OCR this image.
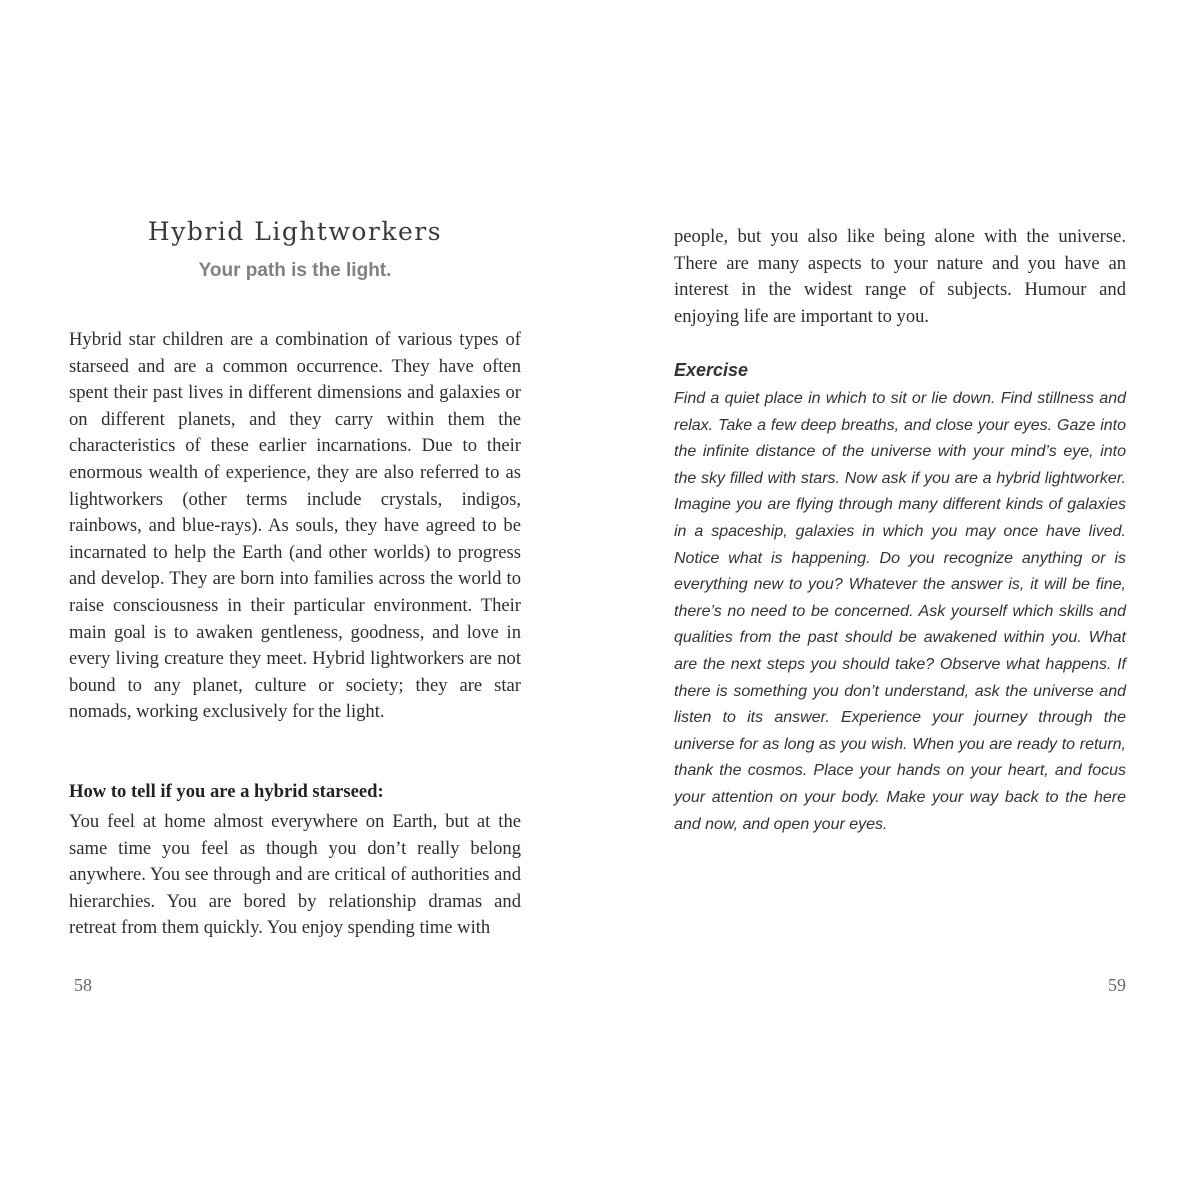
Hybrid Lightworkers

Your path is the light.

Hybrid star children are a combination of various types of starseed and are a common occurrence. They have often spent their past lives in different dimensions and galaxies or on different planets, and they carry within them the characteristics of these earlier incarnations. Due to their enormous wealth of experience, they are also referred to as lightworkers (other terms include crystals, indigos, rainbows, and blue-rays). As souls, they have agreed to be incarnated to help the Earth (and other worlds) to progress and develop. They are born into families across the world to raise consciousness in their particular environment. Their main goal is to awaken gentleness, goodness, and love in every living creature they meet. Hybrid lightworkers are not bound to any planet, culture or society; they are star nomads, working exclusively for the light.

How to tell if you are a hybrid starseed:

You feel at home almost everywhere on Earth, but at the same time you feel as though you don’t really belong anywhere. You see through and are critical of authorities and hierarchies. You are bored by relationship dramas and retreat from them quickly. You enjoy spending time with

58

people, but you also like being alone with the universe. There are many aspects to your nature and you have an interest in the widest range of subjects. Humour and enjoying life are important to you.

Exercise

Find a quiet place in which to sit or lie down. Find stillness and relax. Take a few deep breaths, and close your eyes. Gaze into the infinite distance of the universe with your mind’s eye, into the sky filled with stars. Now ask if you are a hybrid lightworker. Imagine you are flying through many different kinds of galaxies in a spaceship, galaxies in which you may once have lived. Notice what is happening. Do you recognize anything or is everything new to you? Whatever the answer is, it will be fine, there’s no need to be concerned. Ask yourself which skills and qualities from the past should be awakened within you. What are the next steps you should take? Observe what happens. If there is something you don’t understand, ask the universe and listen to its answer. Experience your journey through the universe for as long as you wish. When you are ready to return, thank the cosmos. Place your hands on your heart, and focus your attention on your body. Make your way back to the here and now, and open your eyes.

59
